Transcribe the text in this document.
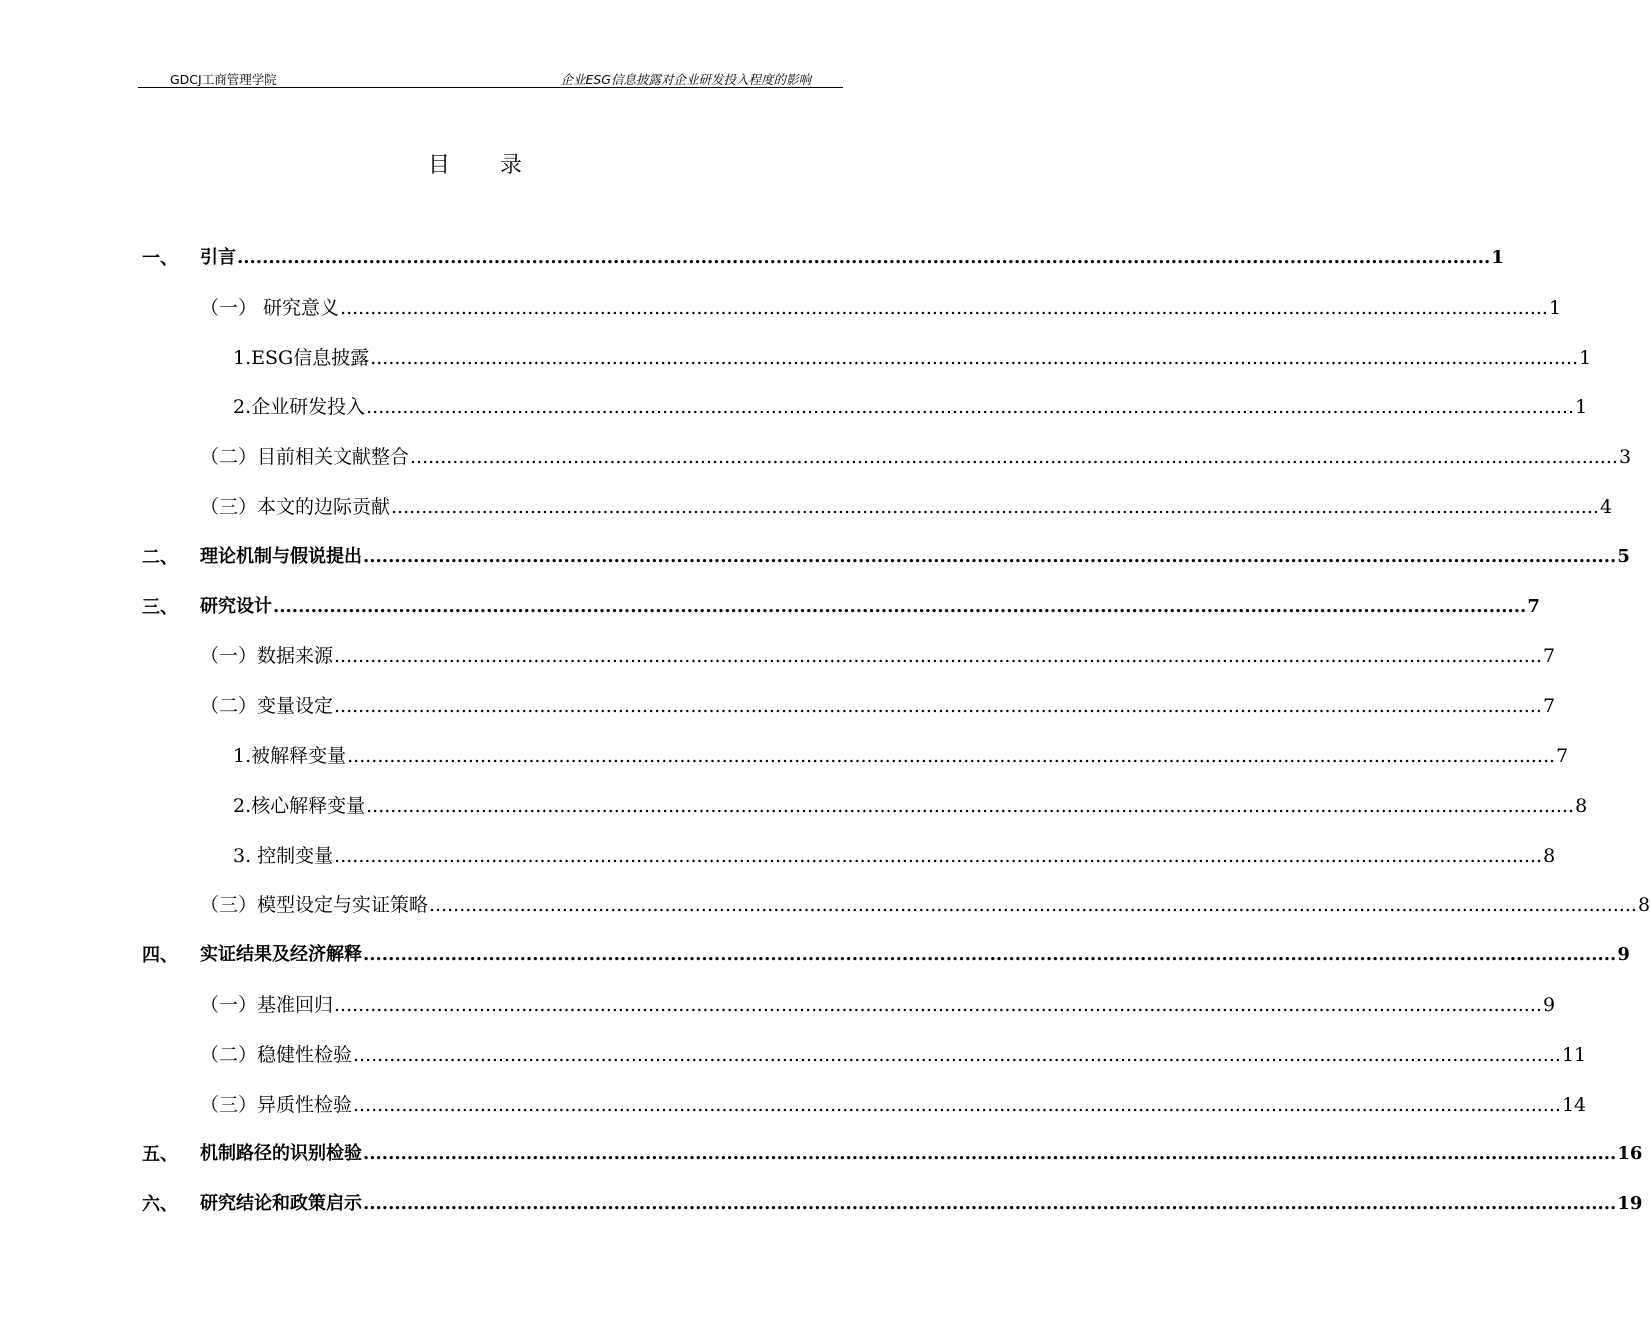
GDCJ工商管理学院	企业ESG信息披露对企业研发投入程度的影响
目录
一、 引言 ........................................................................................................................................................................................................ 1
（一） 研究意义 ........................................................................................................................................................................................................ 1
1.ESG信息披露 ........................................................................................................................................................................................................ 1
2.企业研发投入 ........................................................................................................................................................................................................ 1
（二）目前相关文献整合 ........................................................................................................................................................................................................ 3
（三）本文的边际贡献 ........................................................................................................................................................................................................ 4
二、 理论机制与假说提出 ........................................................................................................................................................................................................ 5
三、 研究设计 ........................................................................................................................................................................................................ 7
（一）数据来源 ........................................................................................................................................................................................................ 7
（二）变量设定 ........................................................................................................................................................................................................ 7
1.被解释变量 ........................................................................................................................................................................................................ 7
2.核心解释变量 ........................................................................................................................................................................................................ 8
3. 控制变量 ........................................................................................................................................................................................................ 8
（三）模型设定与实证策略 ........................................................................................................................................................................................................ 8
四、 实证结果及经济解释 ........................................................................................................................................................................................................ 9
（一）基准回归 ........................................................................................................................................................................................................ 9
（二）稳健性检验 ........................................................................................................................................................................................................ 11
（三）异质性检验 ........................................................................................................................................................................................................ 14
五、 机制路径的识别检验 ........................................................................................................................................................................................................ 16
六、 研究结论和政策启示 ........................................................................................................................................................................................................ 19
